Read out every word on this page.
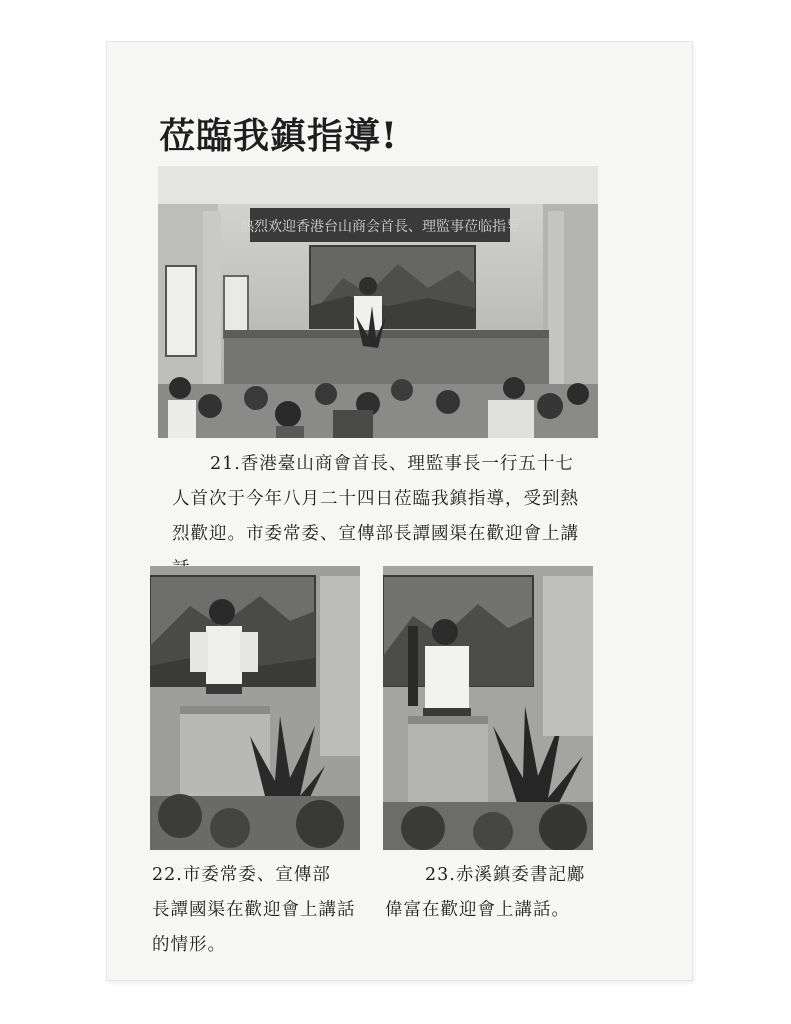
莅臨我鎮指導!
熱烈欢迎香港台山商会首長、理監事莅临指导
21.香港臺山商會首長、理監事長一行五十七
人首次于今年八月二十四日莅臨我鎮指導，受到熱
烈歡迎。市委常委、宣傳部長譚國渠在歡迎會上講
22.市委常委、宣傳部
長譚國渠在歡迎會上講話
的情形。
23.赤溪鎮委書記鄺
偉富在歡迎會上講話。
